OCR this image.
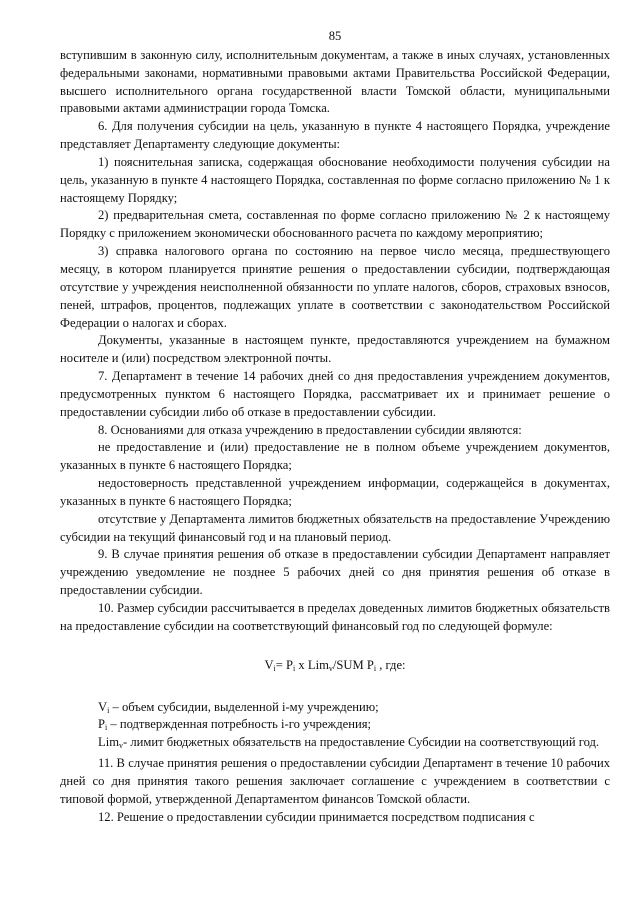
85

вступившим в законную силу, исполнительным документам, а также в иных случаях, установленных федеральными законами, нормативными правовыми актами Правительства Российской Федерации, высшего исполнительного органа государственной власти Томской области, муниципальными правовыми актами администрации города Томска.

6. Для получения субсидии на цель, указанную в пункте 4 настоящего Порядка, учреждение представляет Департаменту следующие документы:

1) пояснительная записка, содержащая обоснование необходимости получения субсидии на цель, указанную в пункте 4 настоящего Порядка, составленная по форме согласно приложению № 1 к настоящему Порядку;

2) предварительная смета, составленная по форме согласно приложению № 2 к настоящему Порядку с приложением экономически обоснованного расчета по каждому мероприятию;

3) справка налогового органа по состоянию на первое число месяца, предшествующего месяцу, в котором планируется принятие решения о предоставлении субсидии, подтверждающая отсутствие у учреждения неисполненной обязанности по уплате налогов, сборов, страховых взносов, пеней, штрафов, процентов, подлежащих уплате в соответствии с законодательством Российской Федерации о налогах и сборах.

Документы, указанные в настоящем пункте, предоставляются учреждением на бумажном носителе и (или) посредством электронной почты.

7. Департамент в течение 14 рабочих дней со дня предоставления учреждением документов, предусмотренных пунктом 6 настоящего Порядка, рассматривает их и принимает решение о предоставлении субсидии либо об отказе в предоставлении субсидии.

8. Основаниями для отказа учреждению в предоставлении субсидии являются:

не предоставление и (или) предоставление не в полном объеме учреждением документов, указанных в пункте 6 настоящего Порядка;

недостоверность представленной учреждением информации, содержащейся в документах, указанных в пункте 6 настоящего Порядка;

отсутствие у Департамента лимитов бюджетных обязательств на предоставление Учреждению субсидии на текущий финансовый год и на плановый период.

9. В случае принятия решения об отказе в предоставлении субсидии Департамент направляет учреждению уведомление не позднее 5 рабочих дней со дня принятия решения об отказе в предоставлении субсидии.

10. Размер субсидии рассчитывается в пределах доведенных лимитов бюджетных обязательств на предоставление субсидии на соответствующий финансовый год по следующей формуле:

$V_i= P_i$ x Lim$_v$/SUM $P_i$ , где:

$V_i$ – объем субсидии, выделенной i-му учреждению;

$P_i$ – подтвержденная потребность i-го учреждения;

Lim$_v$- лимит бюджетных обязательств на предоставление Субсидии на соответствующий год.

11. В случае принятия решения о предоставлении субсидии Департамент в течение 10 рабочих дней со дня принятия такого решения заключает соглашение с учреждением в соответствии с типовой формой, утвержденной Департаментом финансов Томской области.

12. Решение о предоставлении субсидии принимается посредством подписания с
